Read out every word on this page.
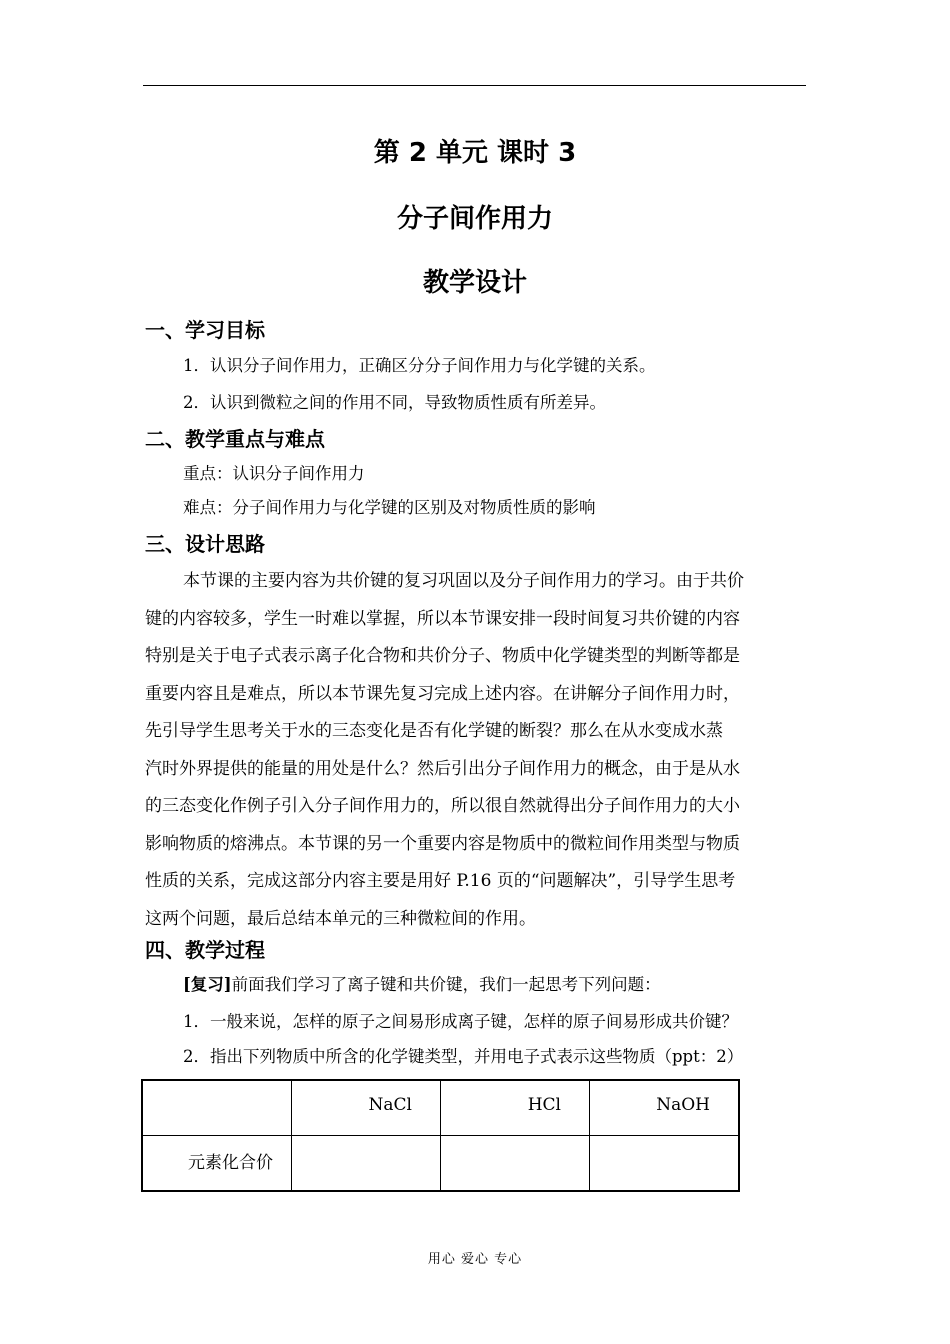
第 2 单元 课时 3
分子间作用力
教学设计
一、学习目标
1．认识分子间作用力，正确区分分子间作用力与化学键的关系。
2．认识到微粒之间的作用不同，导致物质性质有所差异。
二、教学重点与难点
重点：认识分子间作用力
难点：分子间作用力与化学键的区别及对物质性质的影响
三、设计思路
本节课的主要内容为共价键的复习巩固以及分子间作用力的学习。由于共价
键的内容较多，学生一时难以掌握，所以本节课安排一段时间复习共价键的内容
特别是关于电子式表示离子化合物和共价分子、物质中化学键类型的判断等都是
重要内容且是难点，所以本节课先复习完成上述内容。在讲解分子间作用力时，
先引导学生思考关于水的三态变化是否有化学键的断裂？那么在从水变成水蒸
汽时外界提供的能量的用处是什么？然后引出分子间作用力的概念，由于是从水
的三态变化作例子引入分子间作用力的，所以很自然就得出分子间作用力的大小
影响物质的熔沸点。本节课的另一个重要内容是物质中的微粒间作用类型与物质
性质的关系，完成这部分内容主要是用好 P.16 页的“问题解决”，引导学生思考
这两个问题，最后总结本单元的三种微粒间的作用。
四、教学过程
[复习]前面我们学习了离子键和共价键，我们一起思考下列问题：
1．一般来说，怎样的原子之间易形成离子键，怎样的原子间易形成共价键？
2．指出下列物质中所含的化学键类型，并用电子式表示这些物质（ppt：2）

	NaCl	HCl	NaOH

元素化合价			

用心 爱心 专心
